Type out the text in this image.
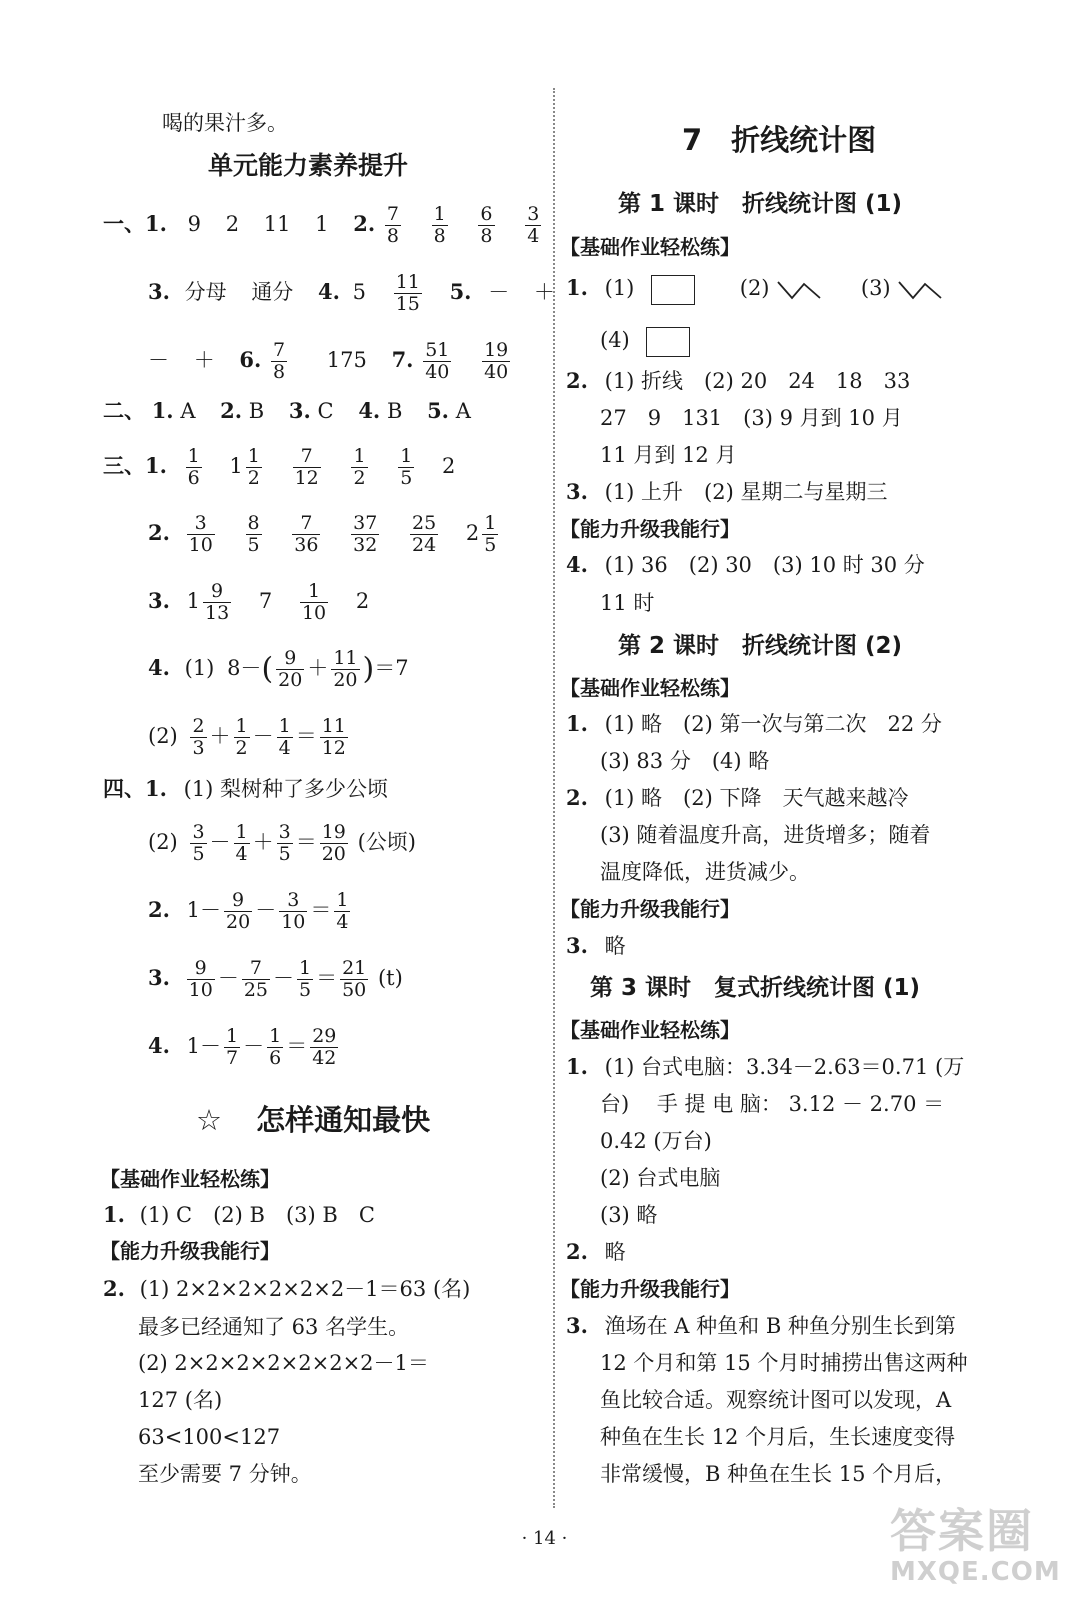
喝的果汁多。
单元能力素养提升
一、1. 9 2 11 1 2. $\frac{7}{8}$
$\frac{1}{8}$
$\frac{6}{8}$
$\frac{3}{4}$
3. 分母 通分 4. $5 \frac{11}{15} 5$. － ＋
－ ＋ 6. $\frac{7}{8} 175$ 7. $\frac{51}{40}$
$\frac{19}{40}$
二、 1. A 2. B 3. C 4. B 5. A
三、1. $\frac{1}{6} 1 \frac{1}{2}$
$\frac{7}{12}$
$\frac{1}{2}$
$\frac{1}{5} 2$
2. $\frac{3}{10}$
$\frac{8}{5}$
$\frac{7}{36}$
$\frac{37}{32}$
$\frac{25}{24} 2 \frac{1}{5}$
3. $1 \frac{9}{13} 7 \frac{1}{10} 2$
4. (1) $8-( \frac{9}{20} + \frac{11}{20} )=7$
$(2) \frac{2}{3} + \frac{1}{2} - \frac{1}{4} = \frac{11}{12}$
四、1. (1) 梨树种了多少公顷
$(2) \frac{3}{5} - \frac{1}{4} + \frac{3}{5} = \frac{19}{20}$ (公顷)
2. $1- \frac{9}{20} - \frac{3}{10} = \frac{1}{4}$
3. $\frac{9}{10} - \frac{7}{25} - \frac{1}{5} = \frac{21}{50} (t)$
4. $1- \frac{1}{7} - \frac{1}{6} = \frac{29}{42}$
☆ 怎样通知最快
【基础作业轻松练】
1. (1) C　(2) B　(3) B　C
【能力升级我能行】
2. (1) 2×2×2×2×2×2－1＝63 (名)
最多已经通知了 63 名学生。
(2) 2×2×2×2×2×2×2－1＝
127 (名)
63<100<127
至少需要 7 分钟。
7　折线统计图
第 1 课时　折线统计图 (1)
【基础作业轻松练】
1. (1)	(2)	(3)
(4)
2. (1) 折线　(2) 20　24　18　33
27　9　131　(3) 9 月到 10 月
11 月到 12 月
3. (1) 上升　(2) 星期二与星期三
【能力升级我能行】
4. (1) 36　(2) 30　(3) 10 时 30 分
11 时
第 2 课时　折线统计图 (2)
【基础作业轻松练】
1. (1) 略　(2) 第一次与第二次　22 分
(3) 83 分　(4) 略
2. (1) 略　(2) 下降　天气越来越冷
(3) 随着温度升高，进货增多；随着
温度降低，进货减少。
【能力升级我能行】
3. 略
第 3 课时　复式折线统计图 (1)
【基础作业轻松练】
1. (1) 台式电脑：3.34－2.63＝0.71 (万
台)　 手 提 电 脑： 3.12 － 2.70 ＝
0.42 (万台)
(2) 台式电脑
(3) 略
2. 略
【能力升级我能行】
3. 渔场在 A 种鱼和 B 种鱼分别生长到第
12 个月和第 15 个月时捕捞出售这两种
鱼比较合适。观察统计图可以发现，A
种鱼在生长 12 个月后，生长速度变得
非常缓慢，B 种鱼在生长 15 个月后，
· 14 ·	答案圈
MXQE.COM
